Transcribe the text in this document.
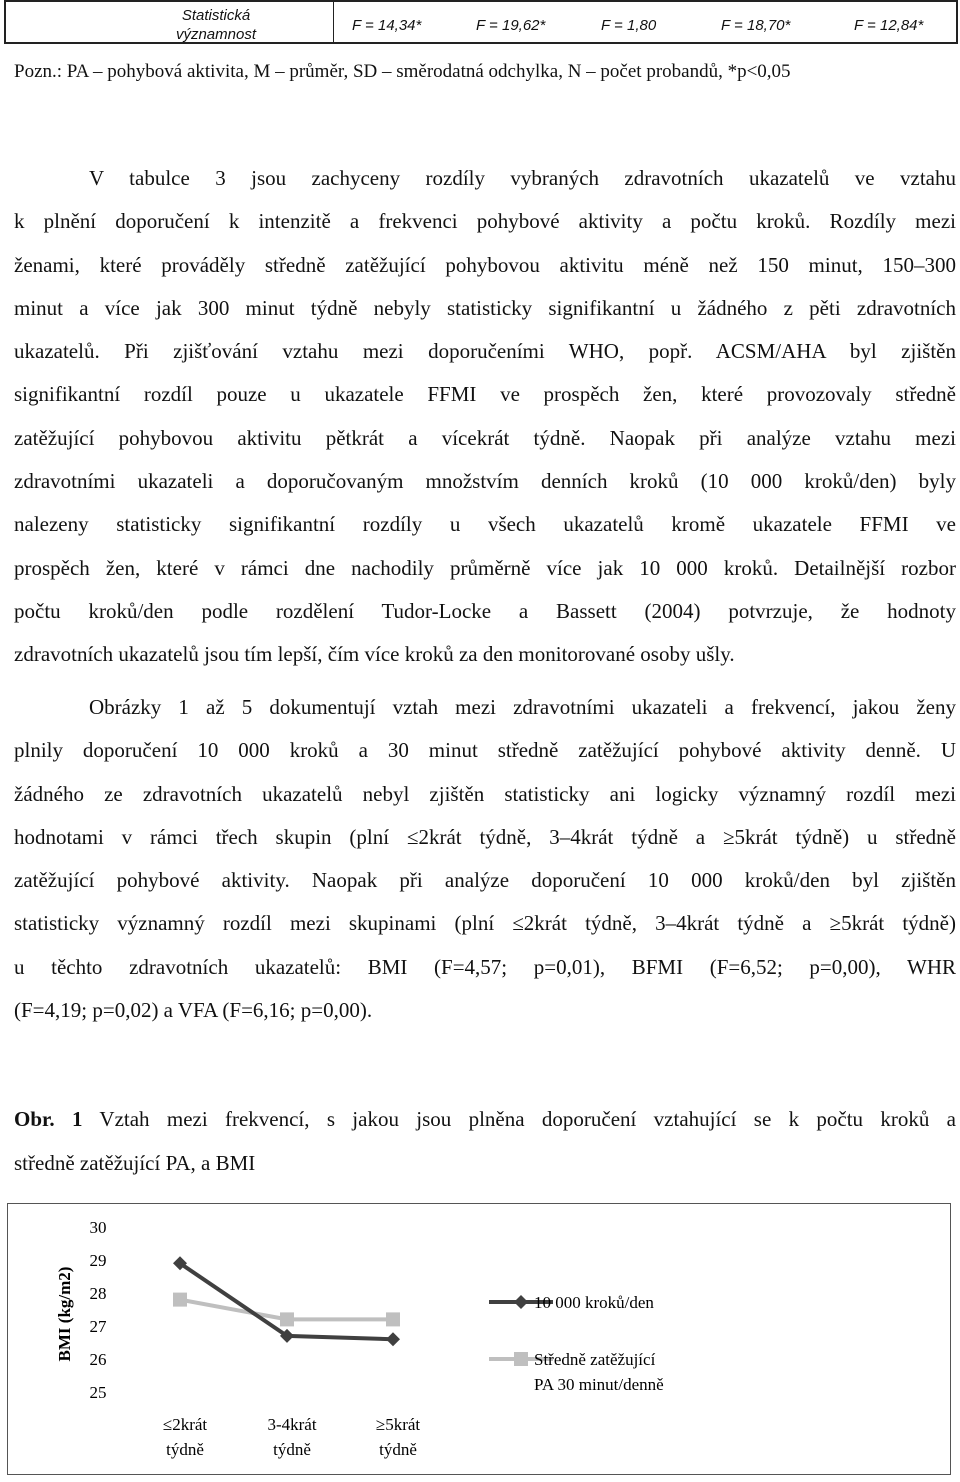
Statistická
významnost
F = 14,34*	F = 19,62*	F = 1,80	F = 18,70*	F = 12,84*
Pozn.: PA – pohybová aktivita, M – průměr, SD – směrodatná odchylka, N – počet probandů, *p<0,05
V tabulce 3 jsou zachyceny rozdíly vybraných zdravotních ukazatelů ve vztahu
k plnění doporučení k intenzitě a frekvenci pohybové aktivity a počtu kroků. Rozdíly mezi
ženami, které prováděly středně zatěžující pohybovou aktivitu méně než 150 minut, 150–300
minut a více jak 300 minut týdně nebyly statisticky signifikantní u žádného z pěti zdravotních
ukazatelů. Při zjišťování vztahu mezi doporučeními WHO, popř. ACSM/AHA byl zjištěn
signifikantní rozdíl pouze u ukazatele FFMI ve prospěch žen, které provozovaly středně
zatěžující pohybovou aktivitu pětkrát a vícekrát týdně. Naopak při analýze vztahu mezi
zdravotními ukazateli a doporučovaným množstvím denních kroků (10 000 kroků/den) byly
nalezeny statisticky signifikantní rozdíly u všech ukazatelů kromě ukazatele FFMI ve
prospěch žen, které v rámci dne nachodily průměrně více jak 10 000 kroků. Detailnější rozbor
počtu kroků/den podle rozdělení Tudor-Locke a Bassett (2004) potvrzuje, že hodnoty
zdravotních ukazatelů jsou tím lepší, čím více kroků za den monitorované osoby ušly.
Obrázky 1 až 5 dokumentují vztah mezi zdravotními ukazateli a frekvencí, jakou ženy
plnily doporučení 10 000 kroků a 30 minut středně zatěžující pohybové aktivity denně. U
žádného ze zdravotních ukazatelů nebyl zjištěn statisticky ani logicky významný rozdíl mezi
hodnotami v rámci třech skupin (plní ≤2krát týdně, 3–4krát týdně a ≥5krát týdně) u středně
zatěžující pohybové aktivity. Naopak při analýze doporučení 10 000 kroků/den byl zjištěn
statisticky významný rozdíl mezi skupinami (plní ≤2krát týdně, 3–4krát týdně a ≥5krát týdně)
u těchto zdravotních ukazatelů: BMI (F=4,57; p=0,01), BFMI (F=6,52; p=0,00), WHR
(F=4,19; p=0,02) a VFA (F=6,16; p=0,00).
Obr. 1 Vztah mezi frekvencí, s jakou jsou plněna doporučení vztahující se k počtu kroků a
středně zatěžující PA, a BMI
BMI (kg/m2)
30
29
28
27
26
25
≤2krát týdně
3-4krát týdně
≥5krát týdně
10 000 kroků/den
Středně zatěžující PA 30 minut/denně
